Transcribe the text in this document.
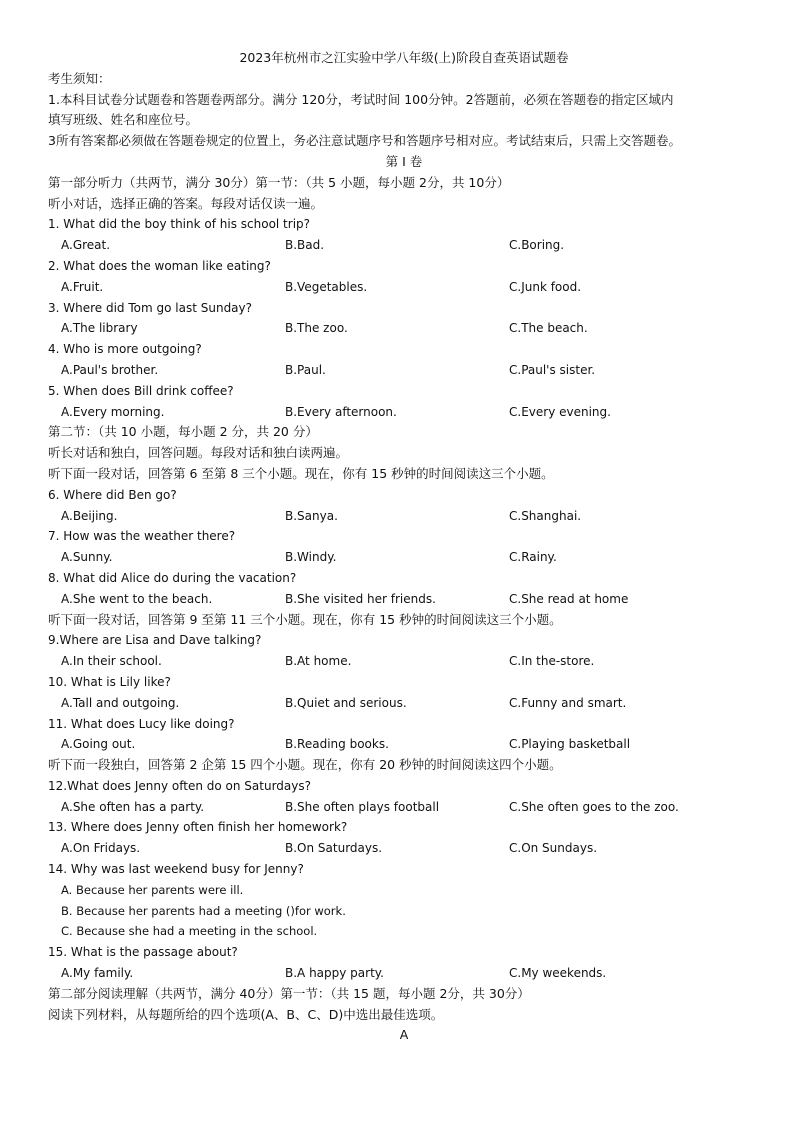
2023年杭州市之江实验中学八年级(上)阶段自查英语试题卷
考生须知：
1.本科目试卷分试题卷和答题卷两部分。满分 120分，考试时间 100分钟。2答题前，必须在答题卷的指定区域内
填写班级、姓名和座位号。
3所有答案都必须做在答题卷规定的位置上，务必注意试题序号和答题序号相对应。考试结束后，只需上交答题卷。
第 I 卷
第一部分听力（共两节，满分 30分）第一节：（共 5 小题，每小题 2分，共 10分）
听小对话，选择正确的答案。每段对话仅读一遍。
1. What did the boy think of his school trip?
A.Great.	B.Bad.	C.Boring.
2. What does the woman like eating?
A.Fruit.	B.Vegetables.	C.Junk food.
3. Where did Tom go last Sunday?
A.The library	B.The zoo.	C.The beach.
4. Who is more outgoing?
A.Paul's brother.	B.Paul.	C.Paul's sister.
5. When does Bill drink coffee?
A.Every morning.	B.Every afternoon.	C.Every evening.
第二节：（共 10 小题，每小题 2 分，共 20 分）
听长对话和独白，回答问题。每段对话和独白读两遍。
听下面一段对话，回答第 6 至第 8 三个小题。现在，你有 15 秒钟的时间阅读这三个小题。
6. Where did Ben go?
A.Beijing.	B.Sanya.	C.Shanghai.
7. How was the weather there?
A.Sunny.	B.Windy.	C.Rainy.
8. What did Alice do during the vacation?
A.She went to the beach.	B.She visited her friends.	C.She read at home
听下面一段对话，回答第 9 至第 11 三个小题。现在，你有 15 秒钟的时间阅读这三个小题。
9.Where are Lisa and Dave talking?
A.In their school.	B.At home.	C.In the-store.
10. What is Lily like?
A.Tall and outgoing.	B.Quiet and serious.	C.Funny and smart.
11. What does Lucy like doing?
A.Going out.	B.Reading books.	C.Playing basketball
听下而一段独白，回答第 2 企第 15 四个小题。现在，你有 20 秒钟的时间阅读这四个小题。
12.What does Jenny often do on Saturdays?
A.She often has a party.	B.She often plays football	C.She often goes to the zoo.
13. Where does Jenny often finish her homework?
A.On Fridays.	B.On Saturdays.	C.On Sundays.
14. Why was last weekend busy for Jenny?
A. Because her parents were ill.
B. Because her parents had a meeting ()for work.
C. Because she had a meeting in the school.
15. What is the passage about?
A.My family.	B.A happy party.	C.My weekends.
第二部分阅读理解（共两节，满分 40分）第一节：（共 15 题，每小题 2分，共 30分）
阅读下列材料，从每题所给的四个选项(A、B、C、D)中选出最佳选项。
A
